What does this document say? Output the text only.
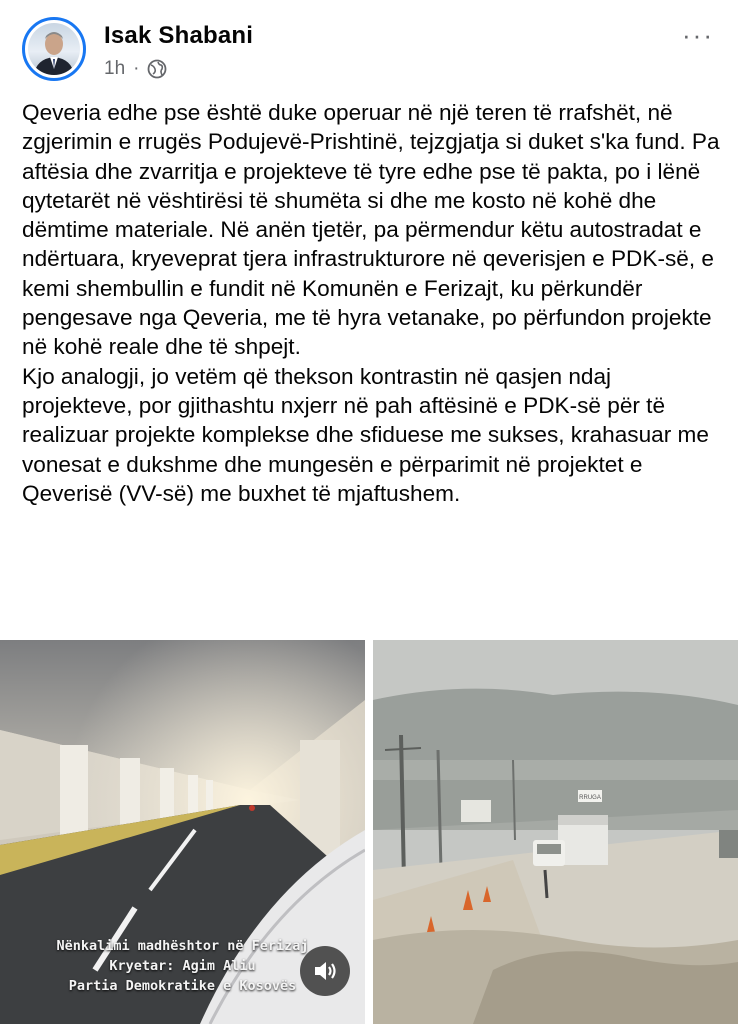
Isak Shabani
1h ·
···

Qeveria edhe pse është duke operuar në një teren të rrafshët, në zgjerimin e rrugës Podujevë-Prishtinë, tejzgjatja si duket s'ka fund. Pa aftësia dhe zvarritja e projekteve të tyre edhe pse të pakta, po i lënë qytetarët në vështirësi të shumëta si dhe me kosto në kohë dhe dëmtime materiale. Në anën tjetër, pa përmendur këtu autostradat e ndërtuara, kryeveprat tjera infrastrukturore në qeverisjen e PDK-së, e kemi shembullin e fundit në Komunën e Ferizajt, ku përkundër pengesave nga Qeveria, me të hyra vetanake, po përfundon projekte në kohë reale dhe të shpejt.

Kjo analogji, jo vetëm që thekson kontrastin në qasjen ndaj projekteve, por gjithashtu nxjerr në pah aftësinë e PDK-së për të realizuar projekte komplekse dhe sfiduese me sukses, krahasuar me vonesat e dukshme dhe mungesën e përparimit në projektet e Qeverisë (VV-së) me buxhet të mjaftushem.

Nënkalimi madhështor në Ferizaj
Kryetar: Agim Aliu
Partia Demokratike e Kosovës
RRUGA
